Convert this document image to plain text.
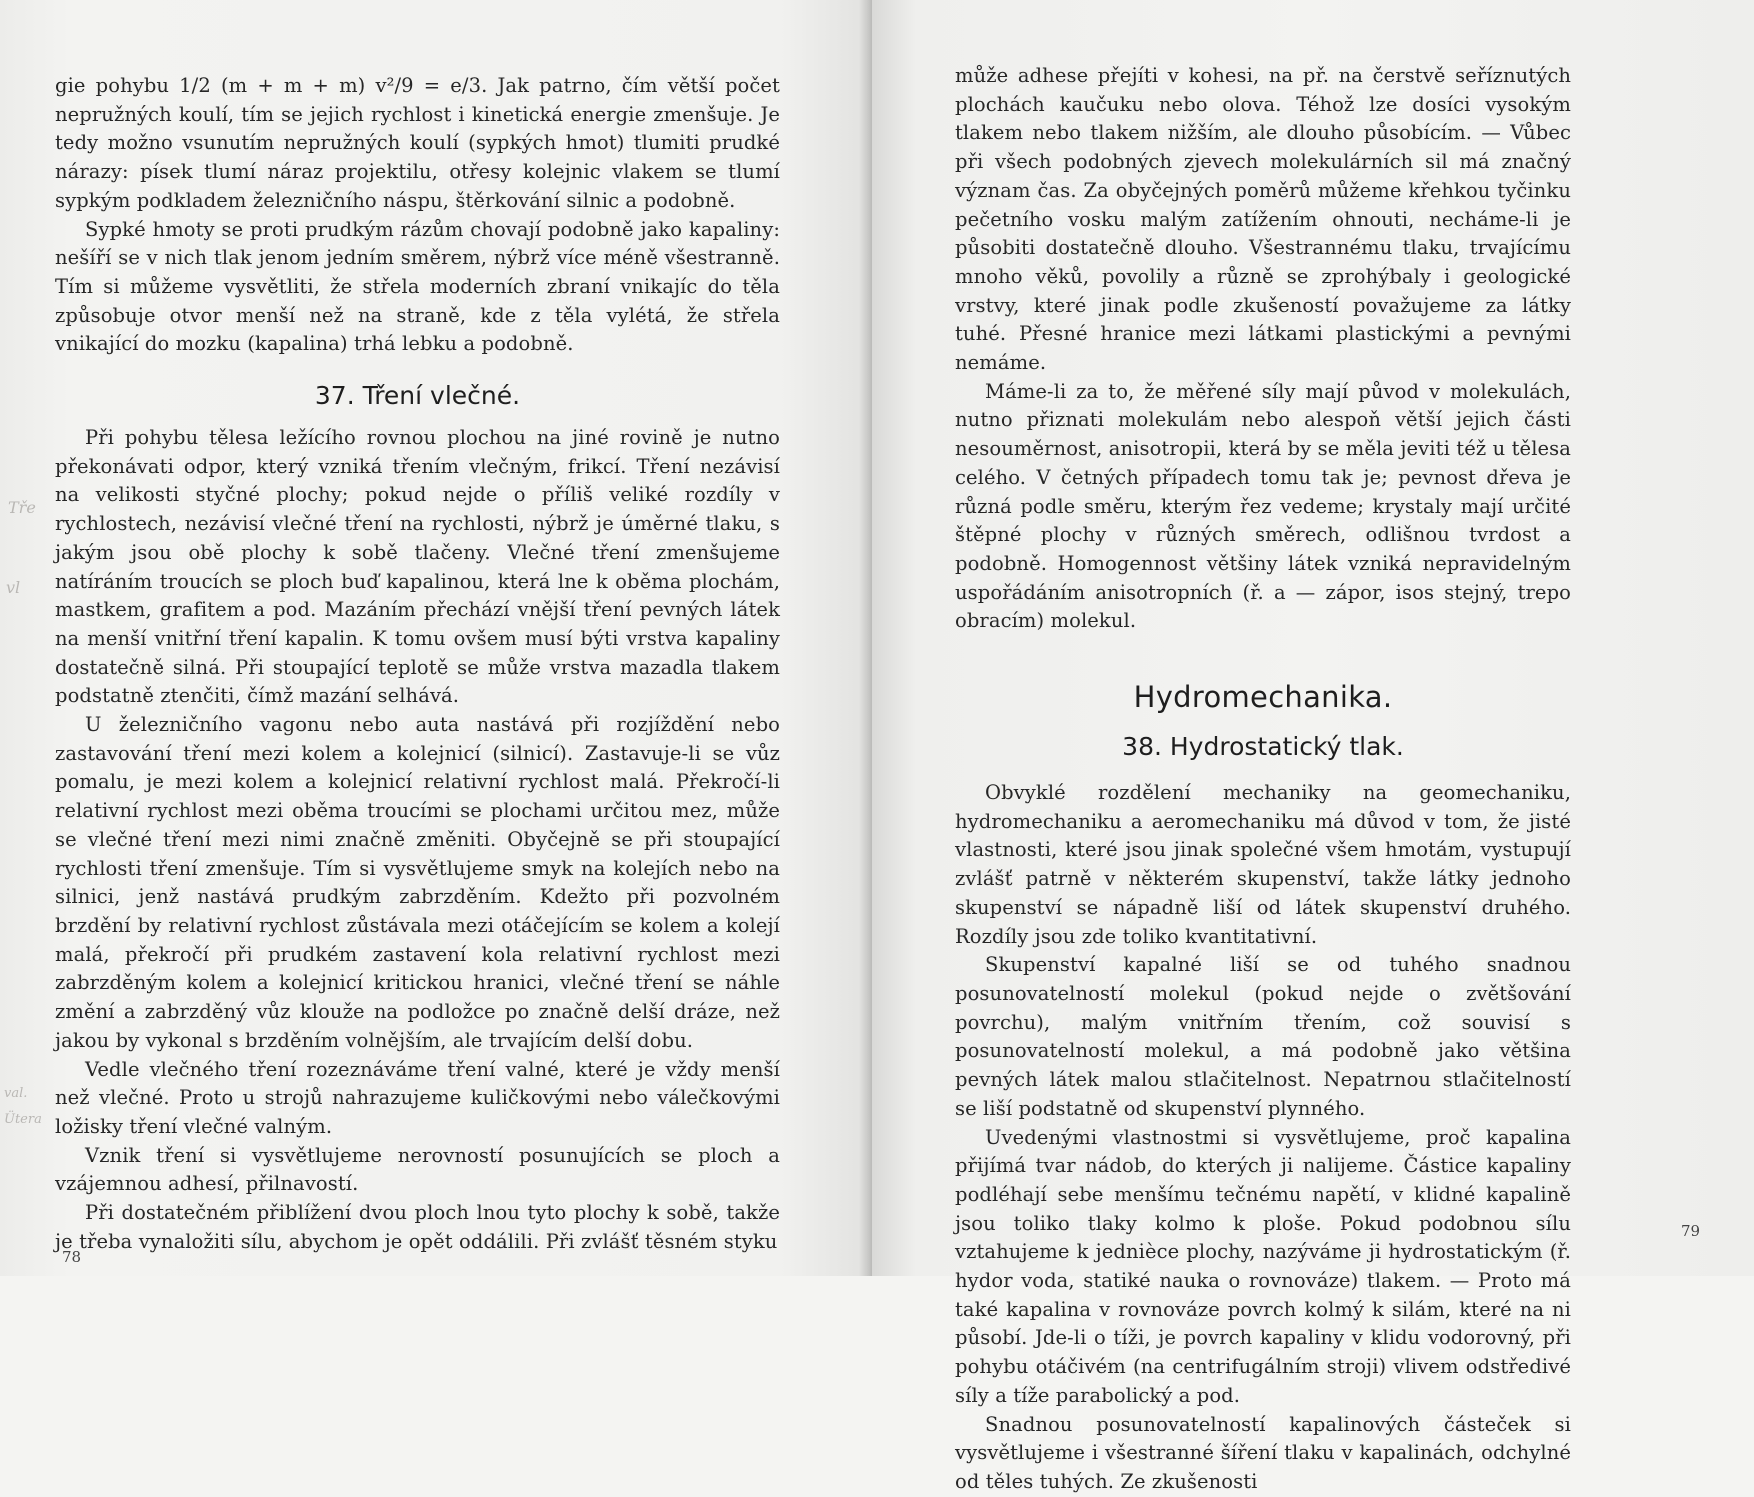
gie pohybu 1/2 (m + m + m) v²/9 = e/3. Jak patrno, čím větší počet nepružných koulí, tím se jejich rychlost i kinetická energie zmenšuje. Je tedy možno vsunutím nepružných koulí (sypkých hmot) tlumiti prudké nárazy: písek tlumí náraz projektilu, otřesy kolejnic vlakem se tlumí sypkým podkladem železničního náspu, štěrkování silnic a podobně.

Sypké hmoty se proti prudkým rázům chovají podobně jako kapaliny: nešíří se v nich tlak jenom jedním směrem, nýbrž více méně všestranně. Tím si můžeme vysvětliti, že střela moderních zbraní vnikajíc do těla způsobuje otvor menší než na straně, kde z těla vylétá, že střela vnikající do mozku (kapalina) trhá lebku a podobně.

37. Tření vlečné.

Při pohybu tělesa ležícího rovnou plochou na jiné rovině je nutno překonávati odpor, který vzniká třením vlečným, frikcí. Tření nezávisí na velikosti styčné plochy; pokud nejde o příliš veliké rozdíly v rychlostech, nezávisí vlečné tření na rychlosti, nýbrž je úměrné tlaku, s jakým jsou obě plochy k sobě tlačeny. Vlečné tření zmenšujeme natíráním troucích se ploch buď kapalinou, která lne k oběma plochám, mastkem, grafitem a pod. Mazáním přechází vnější tření pevných látek na menší vnitřní tření kapalin. K tomu ovšem musí býti vrstva kapaliny dostatečně silná. Při stoupající teplotě se může vrstva mazadla tlakem podstatně ztenčiti, čímž mazání selhává.

U železničního vagonu nebo auta nastává při rozjíždění nebo zastavování tření mezi kolem a kolejnicí (silnicí). Zastavuje-li se vůz pomalu, je mezi kolem a kolejnicí relativní rychlost malá. Překročí-li relativní rychlost mezi oběma troucími se plochami určitou mez, může se vlečné tření mezi nimi značně změniti. Obyčejně se při stoupající rychlosti tření zmenšuje. Tím si vysvětlujeme smyk na kolejích nebo na silnici, jenž nastává prudkým zabrzděním. Kdežto při pozvolném brzdění by relativní rychlost zůstávala mezi otáčejícím se kolem a kolejí malá, překročí při prudkém zastavení kola relativní rychlost mezi zabrzděným kolem a kolejnicí kritickou hranici, vlečné tření se náhle změní a zabrzděný vůz klouže na podložce po značně delší dráze, než jakou by vykonal s brzděním volnějším, ale trvajícím delší dobu.

Vedle vlečného tření rozeznáváme tření valné, které je vždy menší než vlečné. Proto u strojů nahrazujeme kuličkovými nebo válečkovými ložisky tření vlečné valným.

Vznik tření si vysvětlujeme nerovností posunujících se ploch a vzájemnou adhesí, přilnavostí.

Při dostatečném přiblížení dvou ploch lnou tyto plochy k sobě, takže je třeba vynaložiti sílu, abychom je opět oddálili. Při zvlášť těsném styku

Tře
vl
val.
Ütera
78

může adhese přejíti v kohesi, na př. na čerstvě seříznutých plochách kaučuku nebo olova. Téhož lze dosíci vysokým tlakem nebo tlakem nižším, ale dlouho působícím. — Vůbec při všech podobných zjevech molekulárních sil má značný význam čas. Za obyčejných poměrů můžeme křehkou tyčinku pečetního vosku malým zatížením ohnouti, necháme-li je působiti dostatečně dlouho. Všestrannému tlaku, trvajícímu mnoho věků, povolily a různě se zprohýbaly i geologické vrstvy, které jinak podle zkušeností považujeme za látky tuhé. Přesné hranice mezi látkami plastickými a pevnými nemáme.

Máme-li za to, že měřené síly mají původ v molekulách, nutno přiznati molekulám nebo alespoň větší jejich části nesouměrnost, anisotropii, která by se měla jeviti též u tělesa celého. V četných případech tomu tak je; pevnost dřeva je různá podle směru, kterým řez vedeme; krystaly mají určité štěpné plochy v různých směrech, odlišnou tvrdost a podobně. Homogennost většiny látek vzniká nepravidelným uspořádáním anisotropních (ř. a — zápor, isos stejný, trepo obracím) molekul.

Hydromechanika.
38. Hydrostatický tlak.

Obvyklé rozdělení mechaniky na geomechaniku, hydromechaniku a aeromechaniku má důvod v tom, že jisté vlastnosti, které jsou jinak společné všem hmotám, vystupují zvlášť patrně v některém skupenství, takže látky jednoho skupenství se nápadně liší od látek skupenství druhého. Rozdíly jsou zde toliko kvantitativní.

Skupenství kapalné liší se od tuhého snadnou posunovatelností molekul (pokud nejde o zvětšování povrchu), malým vnitřním třením, což souvisí s posunovatelností molekul, a má podobně jako většina pevných látek malou stlačitelnost. Nepatrnou stlačitelností se liší podstatně od skupenství plynného.

Uvedenými vlastnostmi si vysvětlujeme, proč kapalina přijímá tvar nádob, do kterých ji nalijeme. Částice kapaliny podléhají sebe menšímu tečnému napětí, v klidné kapalině jsou toliko tlaky kolmo k ploše. Pokud podobnou sílu vztahujeme k jednièce plochy, nazýváme ji hydrostatickým (ř. hydor voda, statiké nauka o rovnováze) tlakem. — Proto má také kapalina v rovnováze povrch kolmý k silám, které na ni působí. Jde-li o tíži, je povrch kapaliny v klidu vodorovný, při pohybu otáčivém (na centrifugálním stroji) vlivem odstředivé síly a tíže parabolický a pod.

Snadnou posunovatelností kapalinových částeček si vysvětlujeme i všestranné šíření tlaku v kapalinách, odchylné od těles tuhých. Ze zkušenosti

79
